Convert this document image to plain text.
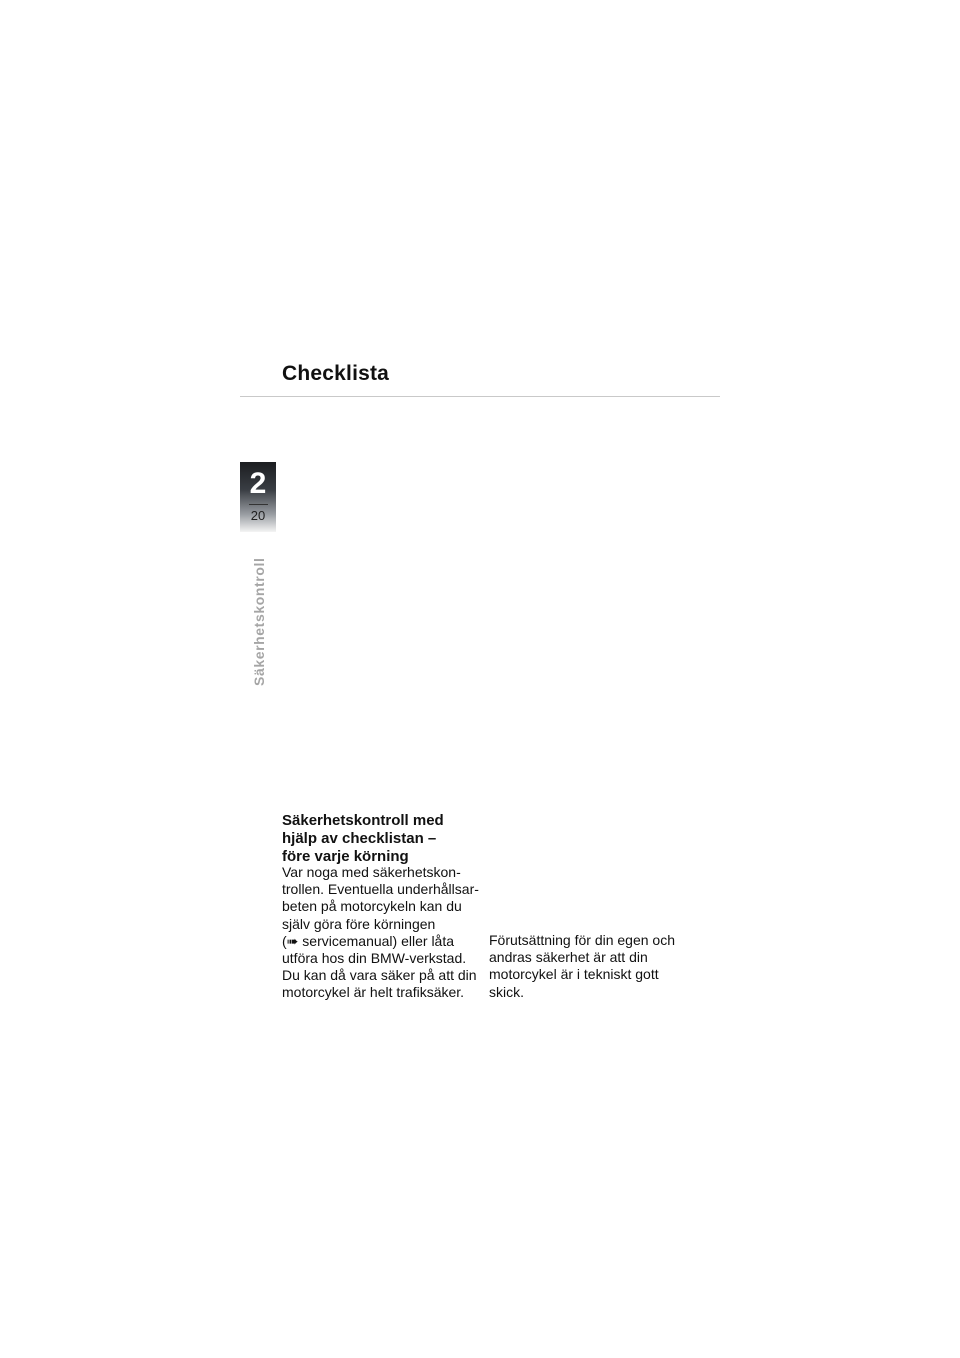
Checklista
2
20
Säkerhetskontroll
Säkerhetskontroll med
hjälp av checklistan –
före varje körning
Var noga med säkerhetskon-
trollen. Eventuella underhållsar-
beten på motorcykeln kan du
själv göra före körningen
(➠ servicemanual) eller låta
utföra hos din BMW-verkstad.
Du kan då vara säker på att din
motorcykel är helt trafiksäker.
Förutsättning för din egen och
andras säkerhet är att din
motorcykel är i tekniskt gott
skick.
